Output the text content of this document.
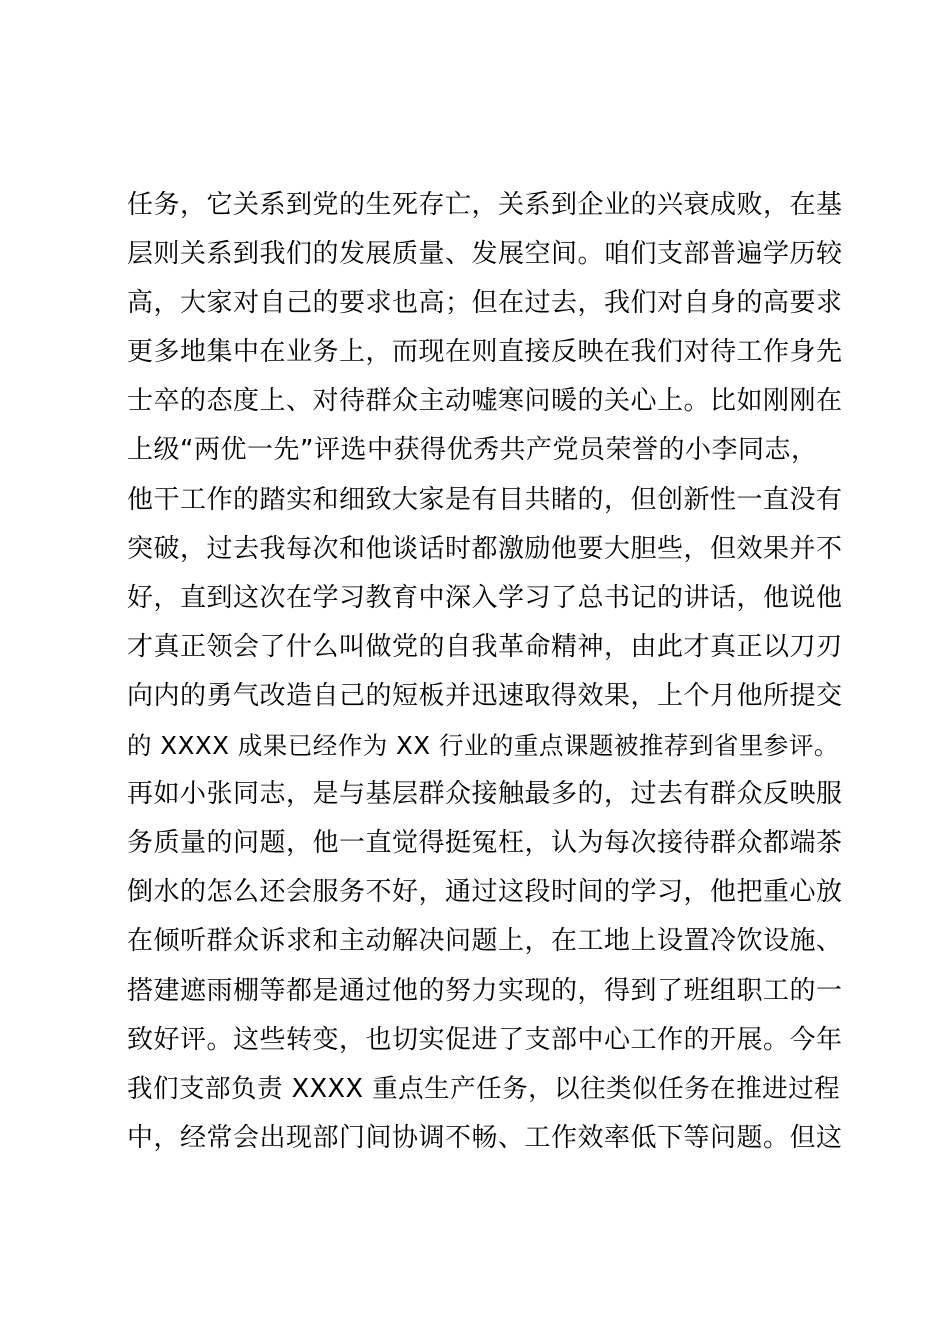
任务，它关系到党的生死存亡，关系到企业的兴衰成败，在基
层则关系到我们的发展质量、发展空间。咱们支部普遍学历较
高，大家对自己的要求也高；但在过去，我们对自身的高要求
更多地集中在业务上，而现在则直接反映在我们对待工作身先
士卒的态度上、对待群众主动嘘寒问暖的关心上。比如刚刚在
上级“两优一先”评选中获得优秀共产党员荣誉的小李同志，
他干工作的踏实和细致大家是有目共睹的，但创新性一直没有
突破，过去我每次和他谈话时都激励他要大胆些，但效果并不
好，直到这次在学习教育中深入学习了总书记的讲话，他说他
才真正领会了什么叫做党的自我革命精神，由此才真正以刀刃
向内的勇气改造自己的短板并迅速取得效果，上个月他所提交
的 XXXX 成果已经作为 XX 行业的重点课题被推荐到省里参评。
再如小张同志，是与基层群众接触最多的，过去有群众反映服
务质量的问题，他一直觉得挺冤枉，认为每次接待群众都端茶
倒水的怎么还会服务不好，通过这段时间的学习，他把重心放
在倾听群众诉求和主动解决问题上，在工地上设置冷饮设施、
搭建遮雨棚等都是通过他的努力实现的，得到了班组职工的一
致好评。这些转变，也切实促进了支部中心工作的开展。今年
我们支部负责 XXXX 重点生产任务，以往类似任务在推进过程
中，经常会出现部门间协调不畅、工作效率低下等问题。但这
